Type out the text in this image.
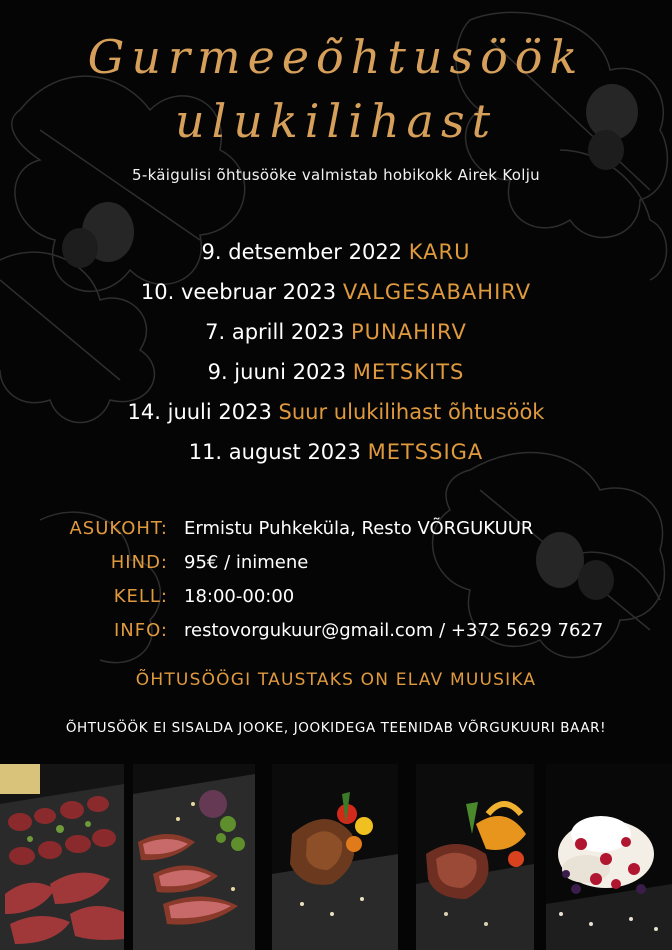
Gurmeeõhtusöök
ulukilihast
5-käigulisi õhtusööke valmistab hobikokk Airek Kolju
9. detsember 2022 KARU
10. veebruar 2023 VALGESABAHIRV
7. aprill 2023 PUNAHIRV
9. juuni 2023 METSKITS
14. juuli 2023 Suur ulukilihast õhtusöök
11. august 2023 METSSIGA
ASUKOHT: Ermistu Puhkeküla, Resto VÕRGUKUUR
HIND: 95€ / inimene
KELL: 18:00-00:00
INFO: restovorgukuur@gmail.com / +372 5629 7627
ÕHTUSÖÖGI TAUSTAKS ON ELAV MUUSIKA
ÕHTUSÖÖK EI SISALDA JOOKE, JOOKIDEGA TEENIDAB VÕRGUKUURI BAAR!
